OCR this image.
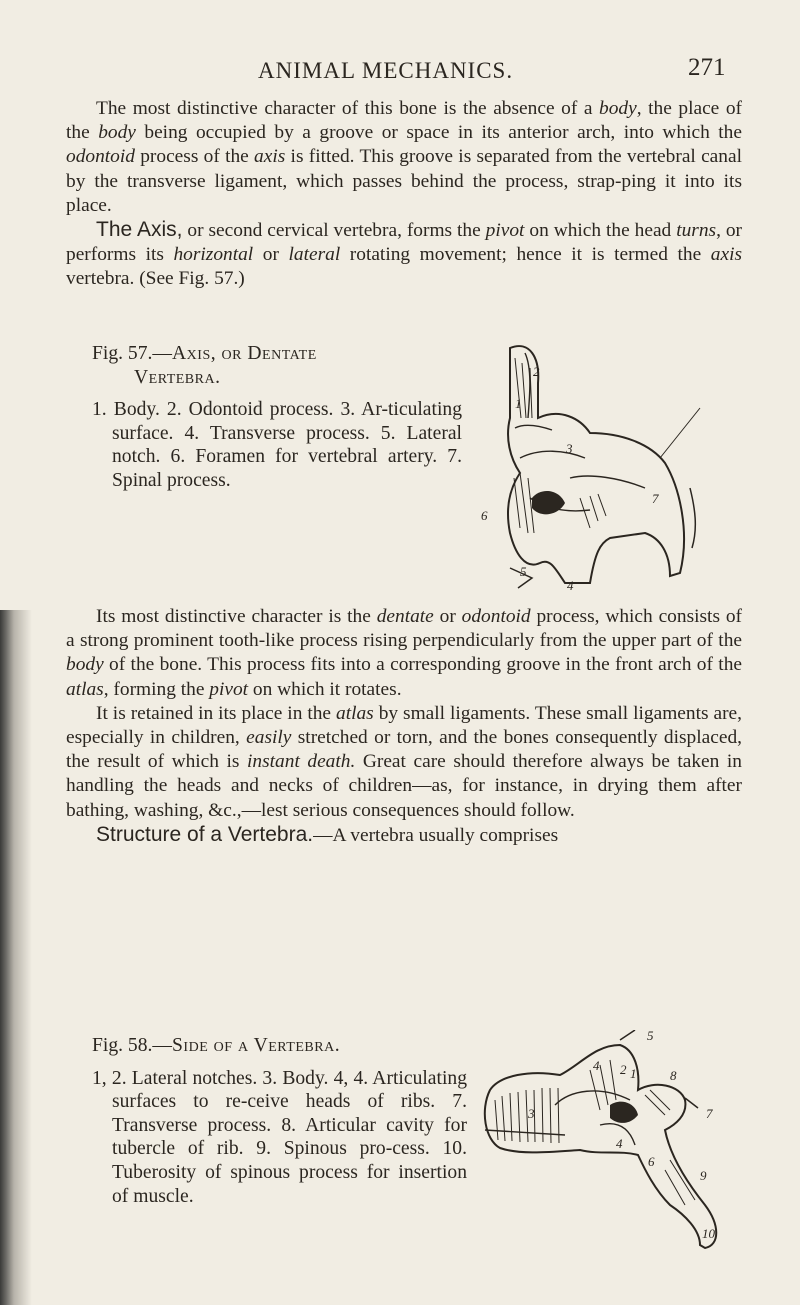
ANIMAL MECHANICS.	271

The most distinctive character of this bone is the absence of a body, the place of the body being occupied by a groove or space in its anterior arch, into which the odontoid process of the axis is fitted. This groove is separated from the vertebral canal by the transverse ligament, which passes behind the process, strap-ping it into its place.

The Axis, or second cervical vertebra, forms the pivot on which the head turns, or performs its horizontal or lateral rotating movement; hence it is termed the axis vertebra. (See Fig. 57.)

Fig. 57.—Axis, or Dentate
Vertebra.
1. Body. 2. Odontoid process. 3. Ar-ticulating surface. 4. Transverse process. 5. Lateral notch. 6. Foramen for vertebral artery. 7. Spinal process.
2
1
3
6
5
4
7

Its most distinctive character is the dentate or odontoid process, which consists of a strong prominent tooth-like process rising perpendicularly from the upper part of the body of the bone. This process fits into a corresponding groove in the front arch of the atlas, forming the pivot on which it rotates.

It is retained in its place in the atlas by small ligaments. These small ligaments are, especially in children, easily stretched or torn, and the bones consequently displaced, the result of which is instant death. Great care should therefore always be taken in handling the heads and necks of children—as, for instance, in drying them after bathing, washing, &c.,—lest serious consequences should follow.

Structure of a Vertebra.—A vertebra usually comprises

Fig. 58.—Side of a Vertebra.
1, 2. Lateral notches. 3. Body. 4, 4. Articulating surfaces to re-ceive heads of ribs. 7. Transverse process. 8. Articular cavity for tubercle of rib. 9. Spinous pro-cess. 10. Tuberosity of spinous process for insertion of muscle.
5
4 2 1	8
7
3
4
6
9
10
